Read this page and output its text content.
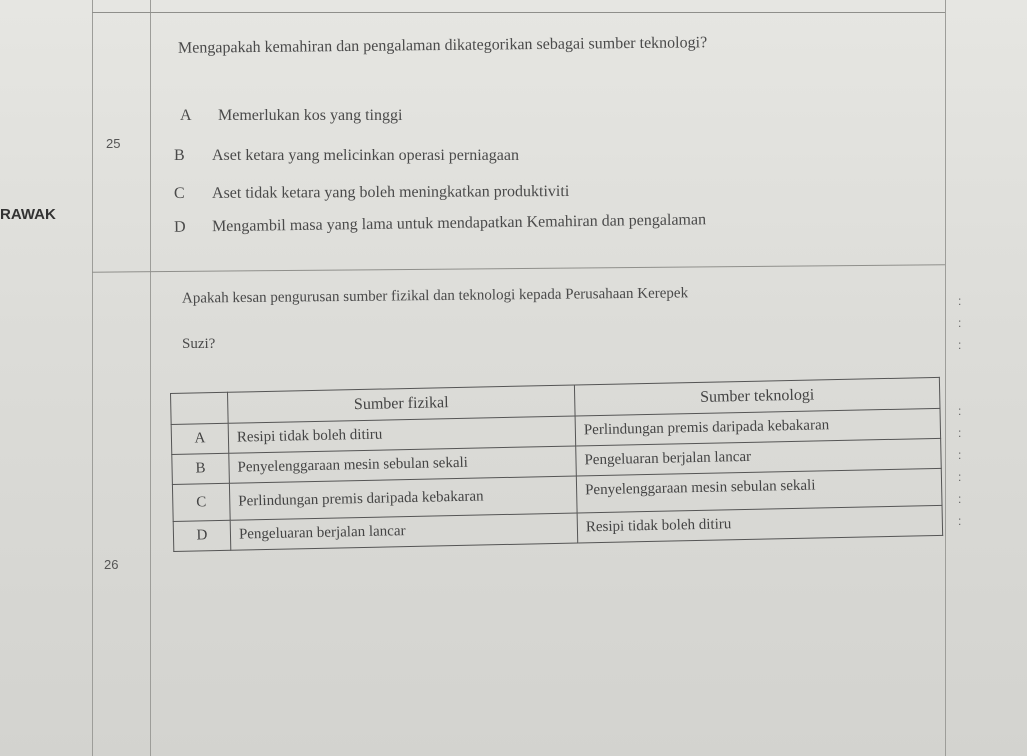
RAWAK
25
Mengapakah kemahiran dan pengalaman dikategorikan sebagai sumber teknologi?
A Memerlukan kos yang tinggi
B Aset ketara yang melicinkan operasi perniagaan
C Aset tidak ketara yang boleh meningkatkan produktiviti
D Mengambil masa yang lama untuk mendapatkan Kemahiran dan pengalaman
Apakah kesan pengurusan sumber fizikal dan teknologi kepada Perusahaan Kerepek
Suzi?
26
	Sumber fizikal	Sumber teknologi
A	Resipi tidak boleh ditiru	Perlindungan premis daripada kebakaran
B	Penyelenggaraan mesin sebulan sekali	Pengeluaran berjalan lancar
C	Perlindungan premis daripada kebakaran	Penyelenggaraan mesin sebulan sekali
D	Pengeluaran berjalan lancar	Resipi tidak boleh ditiru
:
:
:

:
:
:
:
:
:
